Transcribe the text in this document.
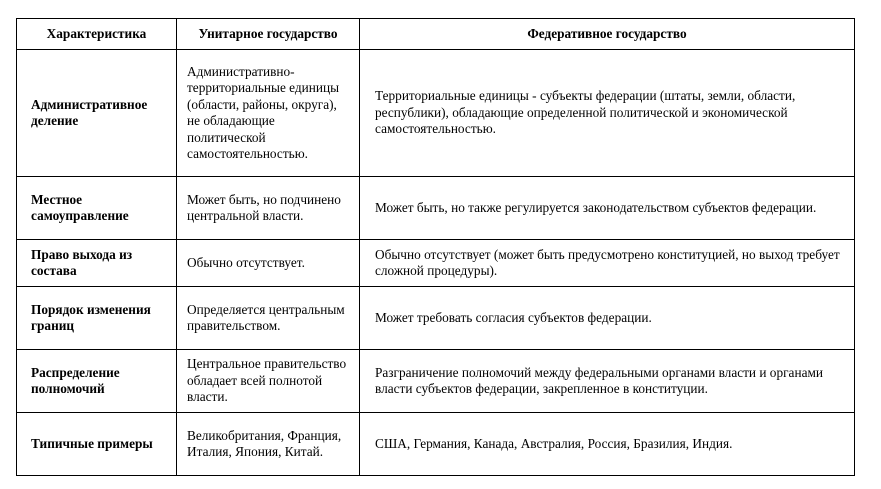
Характеристика	Унитарное государство	Федеративное государство
Административное деление	Административно-территориальные единицы (области, районы, округа), не обладающие политической самостоятельностью.	Территориальные единицы - субъекты федерации (штаты, земли, области, республики), обладающие определенной политической и экономической самостоятельностью.
Местное самоуправление	Может быть, но подчинено центральной власти.	Может быть, но также регулируется законодательством субъектов федерации.
Право выхода из состава	Обычно отсутствует.	Обычно отсутствует (может быть предусмотрено конституцией, но выход требует сложной процедуры).
Порядок изменения границ	Определяется центральным правительством.	Может требовать согласия субъектов федерации.
Распределение полномочий	Центральное правительство обладает всей полнотой власти.	Разграничение полномочий между федеральными органами власти и органами власти субъектов федерации, закрепленное в конституции.
Типичные примеры	Великобритания, Франция, Италия, Япония, Китай.	США, Германия, Канада, Австралия, Россия, Бразилия, Индия.
